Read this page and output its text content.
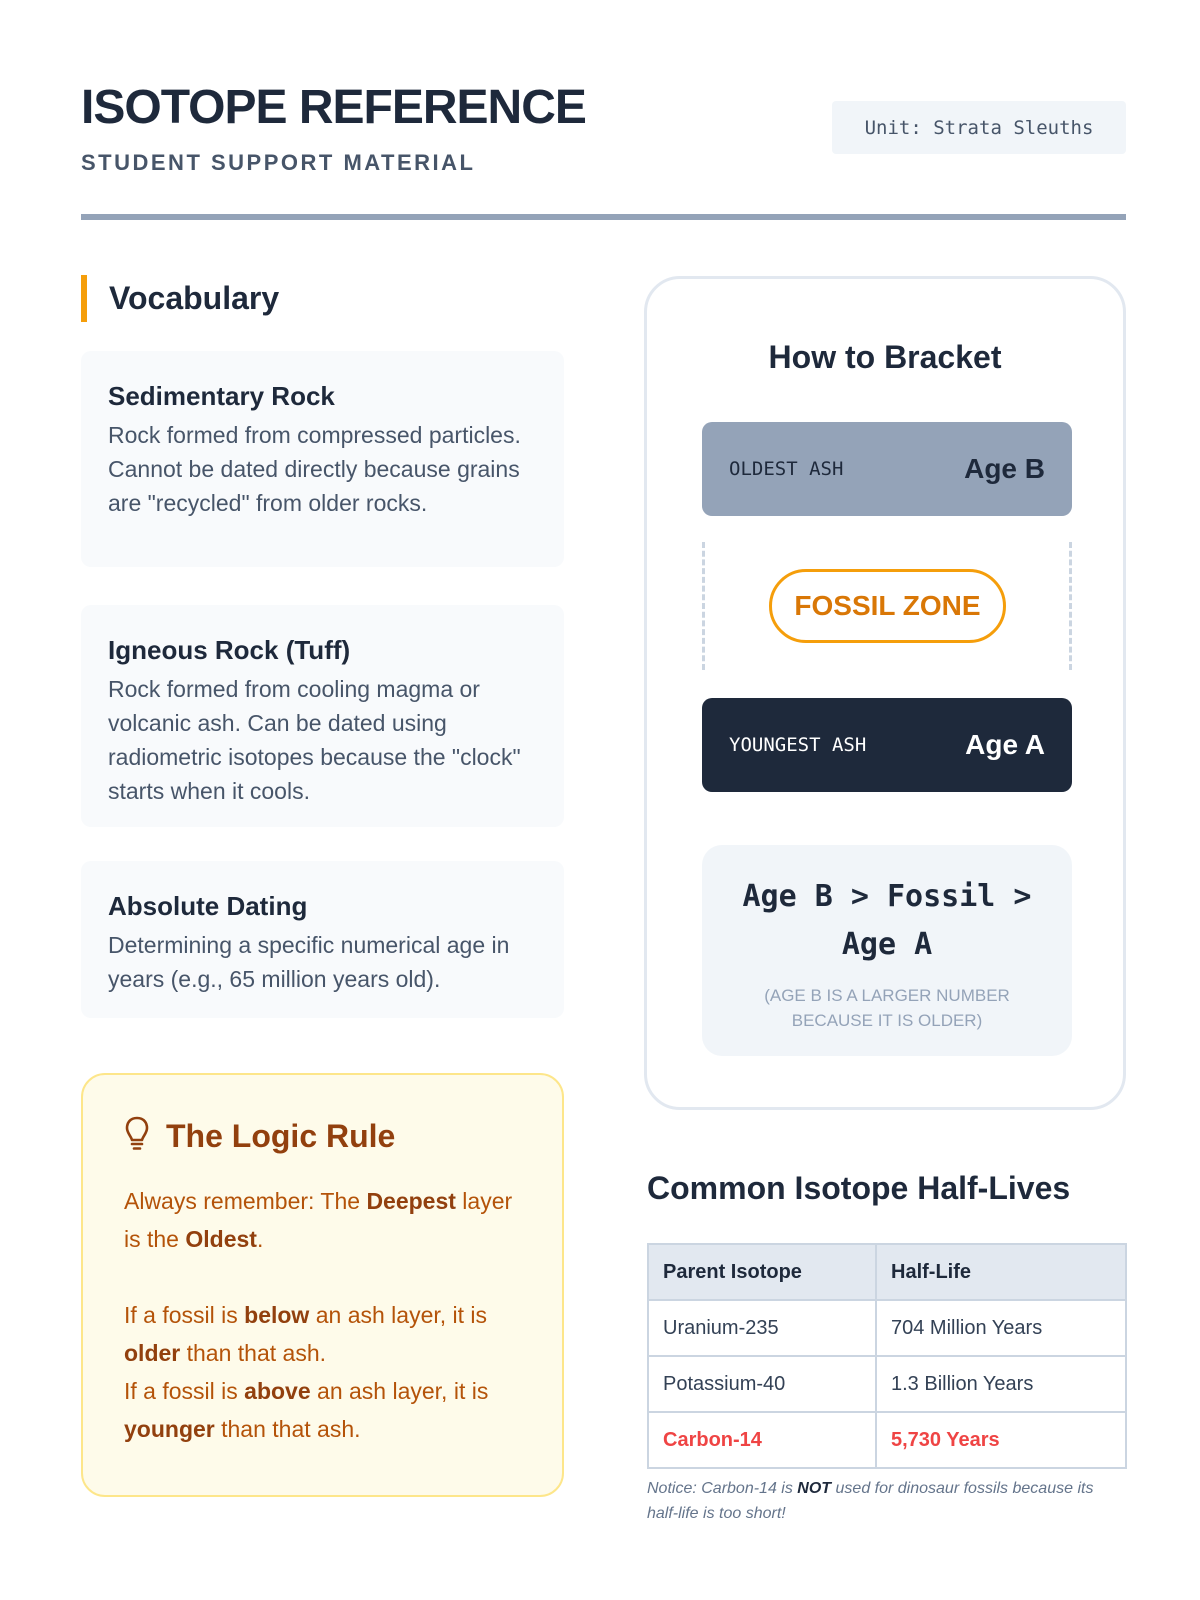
ISOTOPE REFERENCE
STUDENT SUPPORT MATERIAL
Unit: Strata Sleuths
Vocabulary
Sedimentary Rock

Rock formed from compressed particles. Cannot be dated directly because grains are "recycled" from older rocks.

Igneous Rock (Tuff)

Rock formed from cooling magma or volcanic ash. Can be dated using radiometric isotopes because the "clock" starts when it cools.

Absolute Dating

Determining a specific numerical age in years (e.g., 65 million years old).

The Logic Rule

Always remember: The Deepest layer is the Oldest.

If a fossil is below an ash layer, it is older than that ash.

If a fossil is above an ash layer, it is younger than that ash.

How to Bracket
OLDEST ASH	Age B
FOSSIL ZONE
YOUNGEST ASH	Age A
Age B > Fossil > Age A
(AGE B IS A LARGER NUMBER BECAUSE IT IS OLDER)
Common Isotope Half-Lives
Parent Isotope	Half-Life
Uranium-235	704 Million Years
Potassium-40	1.3 Billion Years
Carbon-14	5,730 Years
Notice: Carbon-14 is NOT used for dinosaur fossils because its half-life is too short!
